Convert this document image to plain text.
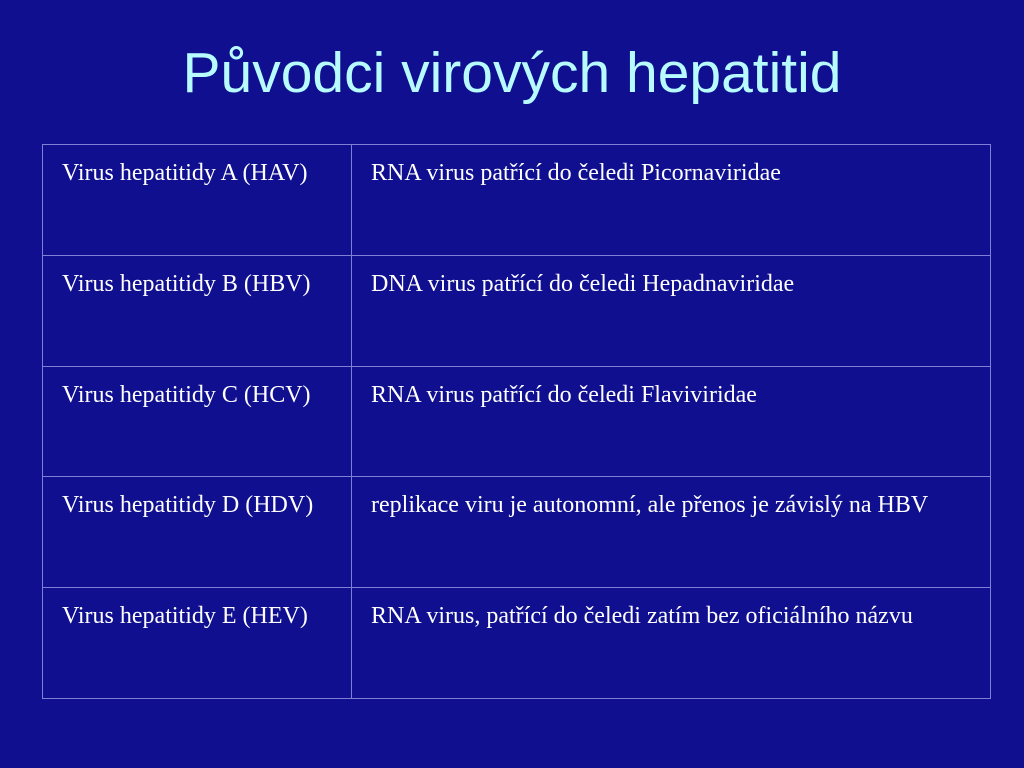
Původci virových hepatitid
Virus hepatitidy A (HAV)	RNA virus patřící do čeledi Picornaviridae
Virus hepatitidy B (HBV)	DNA virus patřící do čeledi Hepadnaviridae
Virus hepatitidy C (HCV)	RNA virus patřící do čeledi Flaviviridae
Virus hepatitidy D (HDV)	replikace viru je autonomní, ale přenos je závislý na HBV
Virus hepatitidy E (HEV)	RNA virus, patřící do čeledi zatím bez oficiálního názvu
